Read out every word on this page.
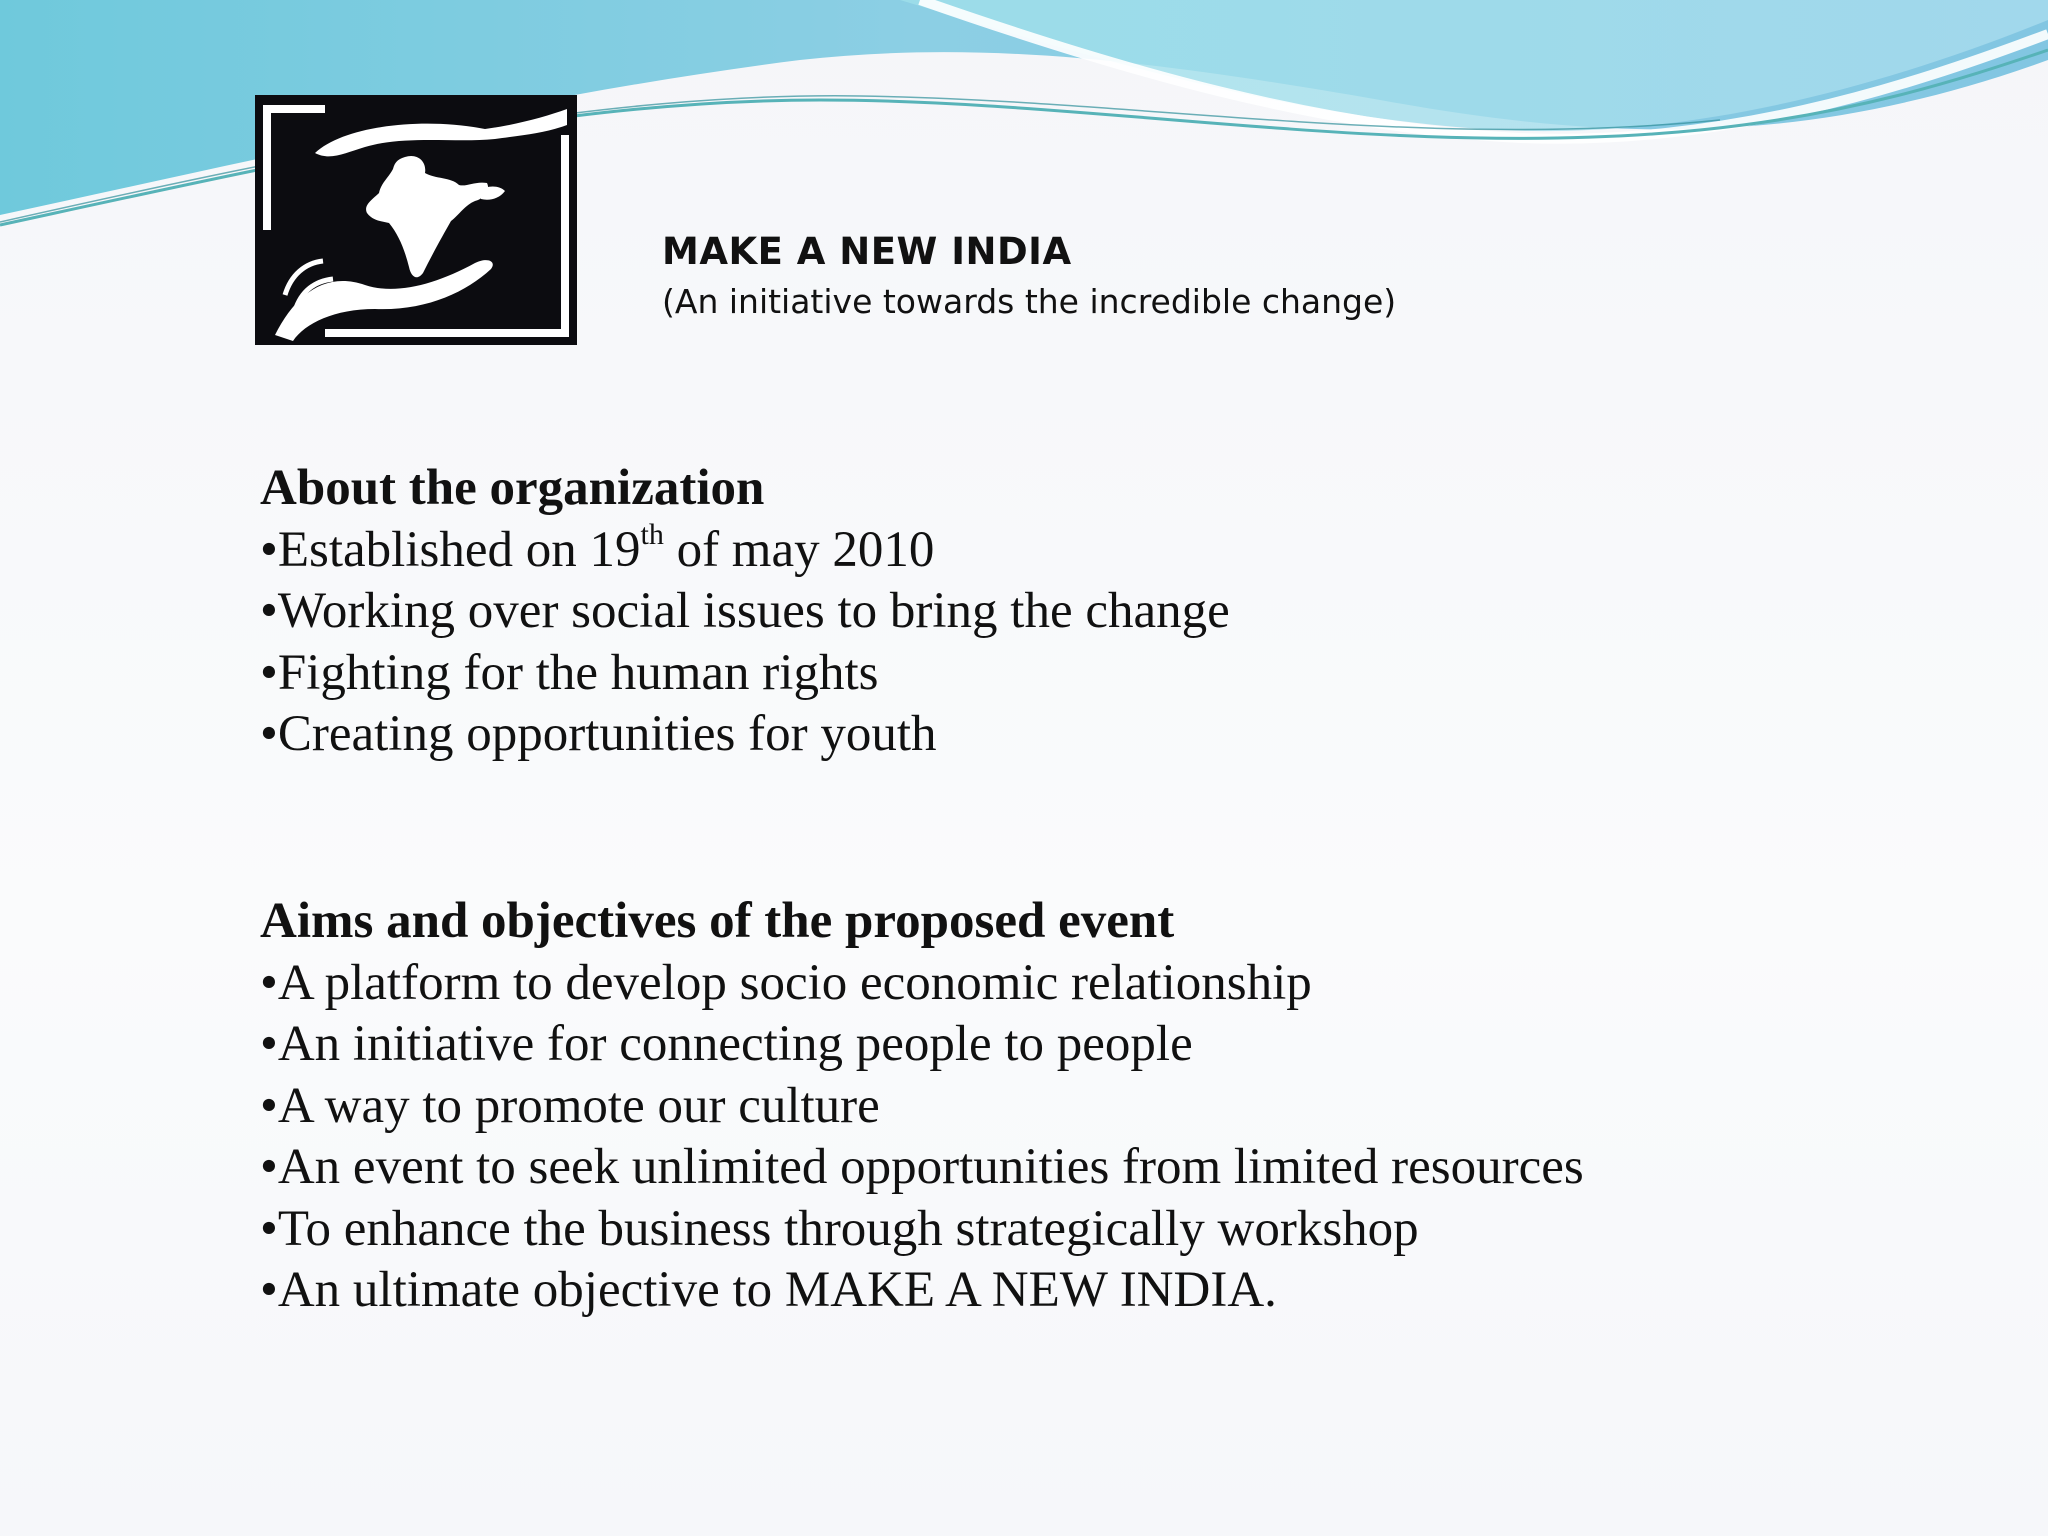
MAKE A NEW INDIA
(An initiative towards the incredible change)
About the organization
•Established on 19th of may 2010
•Working over social issues to bring the change
•Fighting for the human rights
•Creating opportunities for youth
Aims and objectives of the proposed event
•A platform to develop socio economic relationship
•An initiative for connecting people to people
•A way to promote our culture
•An event to seek unlimited opportunities from limited resources
•To enhance the business through strategically workshop
•An ultimate objective to MAKE A NEW INDIA.
